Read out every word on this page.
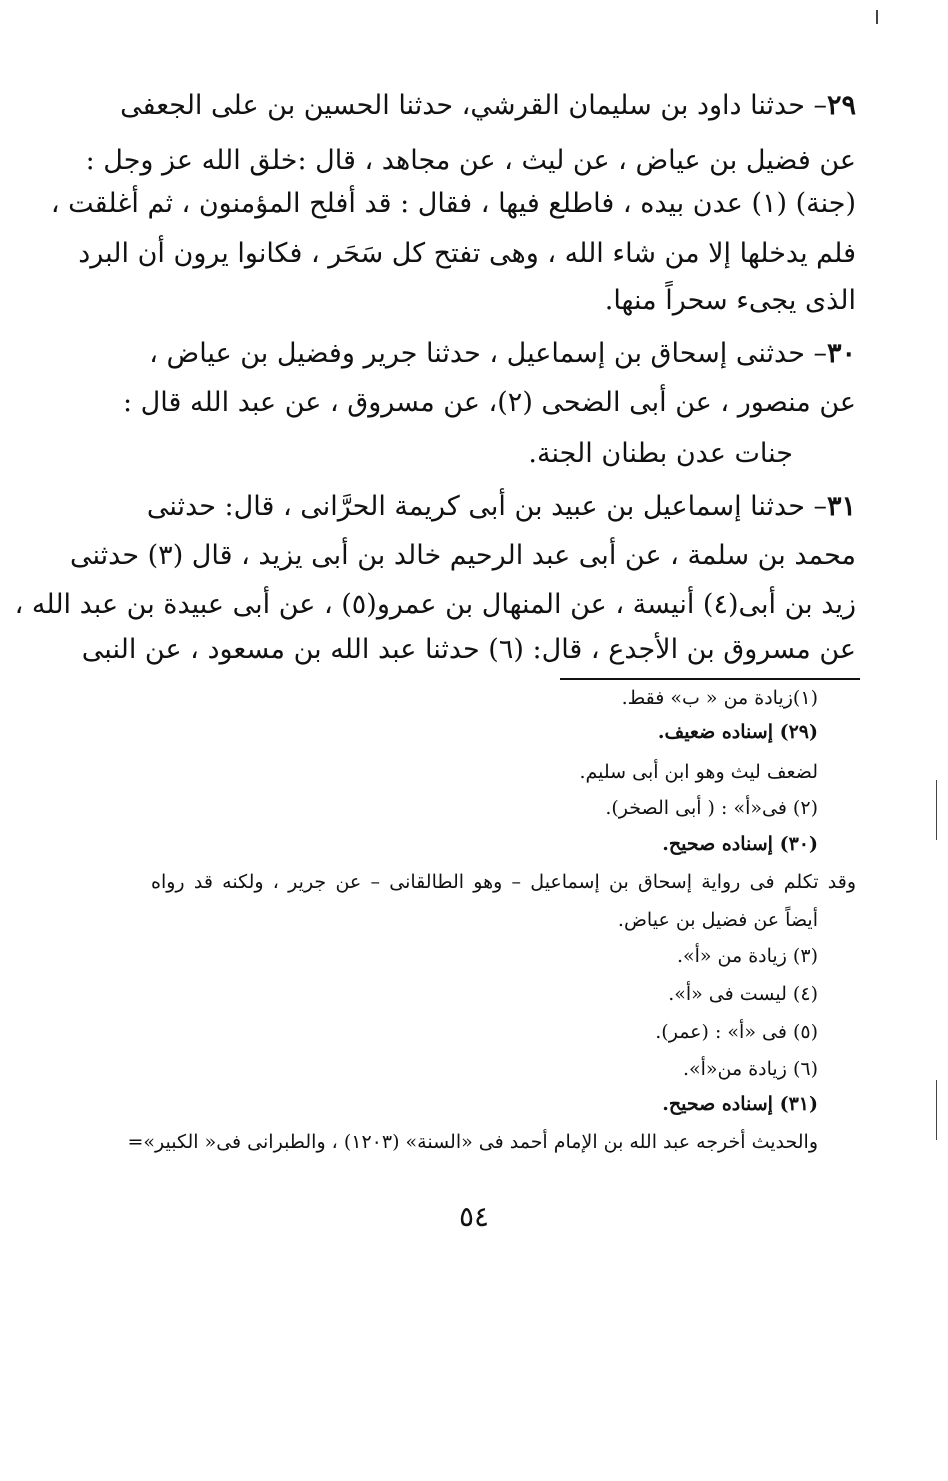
٢٩– حدثنا داود بن سليمان القرشي، حدثنا الحسين بن على الجعفى
عن فضيل بن عياض ، عن ليث ، عن مجاهد ، قال :خلق الله عز وجل :
(جنة) (١) عدن بيده ، فاطلع فيها ، فقال : قد أفلح المؤمنون ، ثم أغلقت ،
فلم يدخلها إلا من شاء الله ، وهى تفتح كل سَحَر ، فكانوا يرون أن البرد
الذى يجىء سحراً منها.
٣٠– حدثنى إسحاق بن إسماعيل ، حدثنا جرير وفضيل بن عياض ،
عن منصور ، عن أبى الضحى (٢)، عن مسروق ، عن عبد الله قال :
جنات عدن بطنان الجنة.
٣١– حدثنا إسماعيل بن عبيد بن أبى كريمة الحرَّانى ، قال: حدثنى
محمد بن سلمة ، عن أبى عبد الرحيم خالد بن أبى يزيد ، قال (٣) حدثنى
زيد بن أبى(٤) أنيسة ، عن المنهال بن عمرو(٥) ، عن أبى عبيدة بن عبد الله ،
عن مسروق بن الأجدع ، قال: (٦) حدثنا عبد الله بن مسعود ، عن النبى
(١)زيادة من « ب» فقط.
(٢٩) إسناده ضعيف.
لضعف ليث وهو ابن أبى سليم.
(٢) فى«أ» : ( أبى الصخر).
(٣٠) إسناده صحيح.
وقد تكلم فى رواية إسحاق بن إسماعيل – وهو الطالقانى – عن جرير ، ولكنه قد رواه
أيضاً عن فضيل بن عياض.
(٣) زيادة من «أ».
(٤) ليست فى «أ».
(٥) فى «أ» : (عمر).
(٦) زيادة من«أ».
(٣١) إسناده صحيح.
والحديث أخرجه عبد الله بن الإمام أحمد فى «السنة» (١٢٠٣) ، والطبرانى فى« الكبير»=
٥٤
